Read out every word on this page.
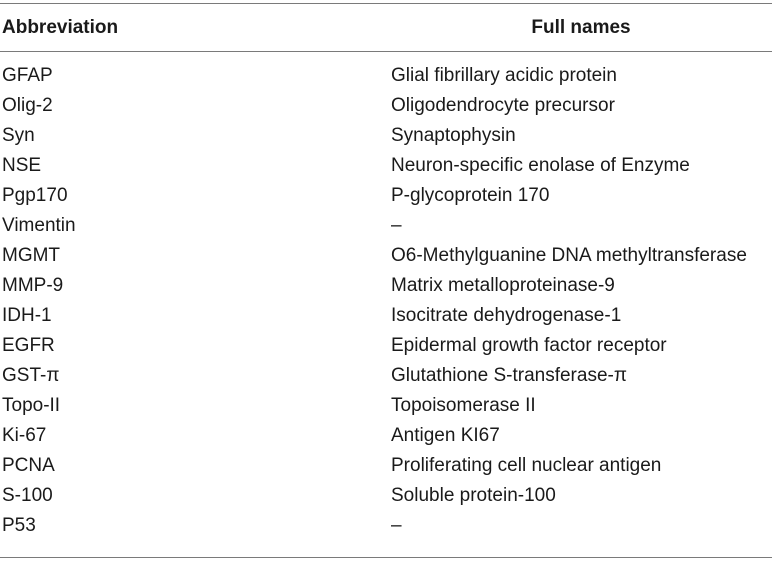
Abbreviation	Full names
GFAP	Glial fibrillary acidic protein
Olig-2	Oligodendrocyte precursor
Syn	Synaptophysin
NSE	Neuron-specific enolase of Enzyme
Pgp170	P-glycoprotein 170
Vimentin	–
MGMT	O6-Methylguanine DNA methyltransferase
MMP-9	Matrix metalloproteinase-9
IDH-1	Isocitrate dehydrogenase-1
EGFR	Epidermal growth factor receptor
GST-π	Glutathione S-transferase-π
Topo-II	Topoisomerase II
Ki-67	Antigen KI67
PCNA	Proliferating cell nuclear antigen
S-100	Soluble protein-100
P53	–
